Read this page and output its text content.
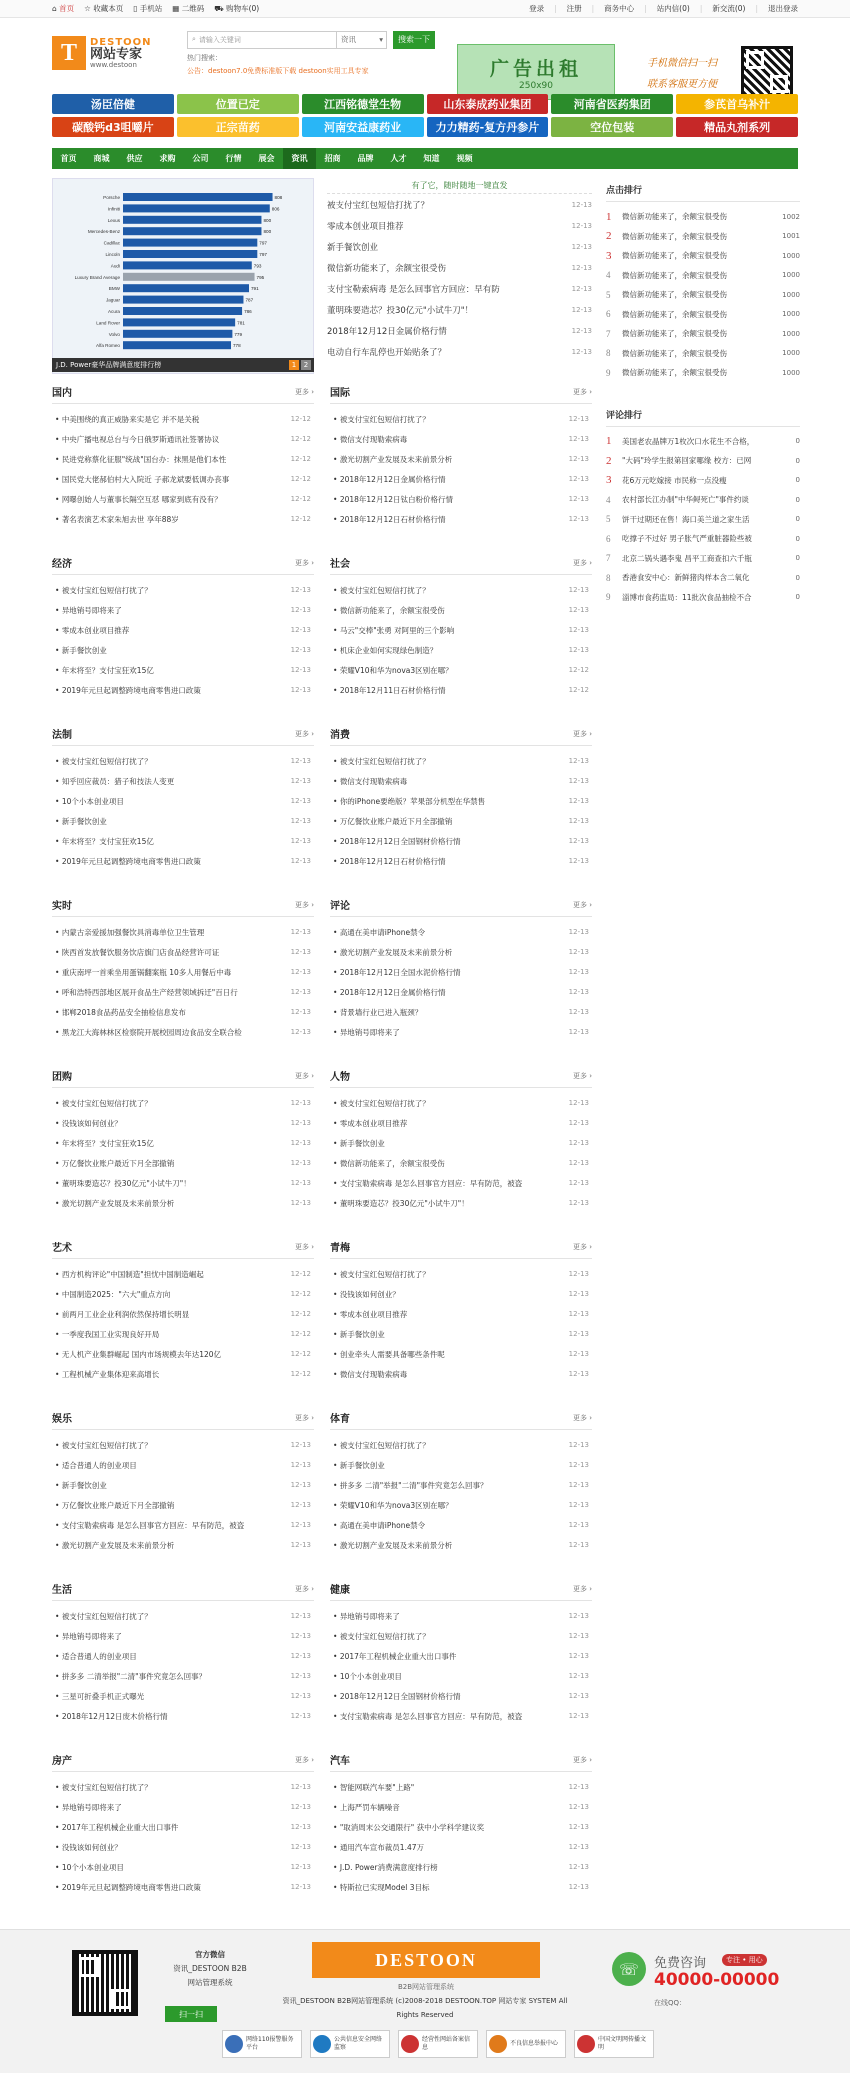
⌂ 首页 ☆ 收藏本页 ▯ 手机站 ▦ 二维码 ⛟ 购物车(0)	登录 | 注册 | 商务中心 | 站内信(0) | 新交流(0) | 退出登录
T	DESTOON
网站专家
www.destoon
⌕ 请输入关键词	资讯	▾	搜索一下
热门搜索：
公告：destoon7.0免费标准版下载 destoon实用工具专家	广告出租
250x90
手机微信扫一扫
联系客服更方便
汤臣倍健	位置已定	江西铭德堂生物	山东泰成药业集团	河南省医药集团	参芪首乌补汁
碳酸钙d3咀嚼片	正宗苗药	河南安益康药业	力力精药-复方丹参片	空位包装	精品丸剂系列
首页	商城	供应	求购	公司	行情	展会	资讯	招商	品牌	人才	知道	视频
Porsche	808
Infiniti	806
Lexus	800
Mercedes-Benz	800
Cadillac	797
Lincoln	797
Audi	793
Luxury Brand Average	795
BMW	791
Jaguar	787
Acura	786
Land Rover	781
Volvo	779
Alfa Romeo	778
J.D. Power豪华品牌满意度排行榜	1	2
有了它，随时随地一键直发
被支付宝红包短信打扰了？	12-13
零成本创业项目推荐	12-13
新手餐饮创业	12-13
微信新功能来了，余额宝很受伤	12-13
支付宝勒索病毒 是怎么回事官方回应：早有防	12-13
董明珠要造芯？投30亿元"小试牛刀"！	12-13
2018年12月12日金属价格行情	12-13
电动自行车乱停也开始贴条了？	12-13
国内	更多 ›
• 中美围绕的真正威胁来实是它 并不是关税	12-12
• 中央广播电视总台与今日俄罗斯通讯社签署协议	12-12
• 民进党称蔡化征服"统战"国台办：抹黑是他们本性	12-12
• 国民党大佬郝伯村大入院近 子郝龙斌要低调办丧事	12-12
• 网曝创始人与董事长隔空互怼 哪家到底有没有？	12-12
• 著名表演艺术家朱旭去世 享年88岁	12-12
国际	更多 ›
• 被支付宝红包短信打扰了？	12-13
• 微信支付现勒索病毒	12-13
• 激光切割产业发展及未来前景分析	12-13
• 2018年12月12日金属价格行情	12-13
• 2018年12月12日钛白粉价格行情	12-13
• 2018年12月12日石材价格行情	12-13
经济	更多 ›
• 被支付宝红包短信打扰了？	12-13
• 异地销号即将来了	12-13
• 零成本创业项目推荐	12-13
• 新手餐饮创业	12-13
• 年末将至？支付宝狂欢15亿	12-13
• 2019年元旦起调整跨境电商零售进口政策	12-13
社会	更多 ›
• 被支付宝红包短信打扰了？	12-13
• 微信新功能来了，余额宝很受伤	12-13
• 马云"交棒"张勇 对阿里的三个影响	12-13
• 机床企业如何实现绿色制造？	12-13
• 荣耀V10和华为nova3区别在哪？	12-12
• 2018年12月11日石材价格行情	12-12
法制	更多 ›
• 被支付宝红包短信打扰了？	12-13
• 知乎回应裁员：猎子和技法人变更	12-13
• 10个小本创业项目	12-13
• 新手餐饮创业	12-13
• 年末将至？支付宝狂欢15亿	12-13
• 2019年元旦起调整跨境电商零售进口政策	12-13
消费	更多 ›
• 被支付宝红包短信打扰了？	12-13
• 微信支付现勒索病毒	12-13
• 你的iPhone要绝版？苹果部分机型在华禁售	12-13
• 万亿餐饮业账户最近下月全部撤销	12-13
• 2018年12月12日全国钢材价格行情	12-13
• 2018年12月12日石材价格行情	12-13
实时	更多 ›
• 内蒙古亲爱援加强餐饮具消毒单位卫生管理	12-13
• 陕西首发放餐饮服务饮店旗门店食品经营许可证	12-13
• 重庆南坪一首乘坐用蛋锅翻案瓶 10多人用餐后中毒	12-13
• 呼和浩特西部地区展开食品生产经营领域拆迁"百日行	12-13
• 邯郸2018食品药品安全抽检信息发布	12-13
• 黑龙江大海林林区检察院开展校园周边食品安全联合检	12-13
评论	更多 ›
• 高通在美申请iPhone禁令	12-13
• 激光切割产业发展及未来前景分析	12-13
• 2018年12月12日全国水泥价格行情	12-13
• 2018年12月12日金属价格行情	12-13
• 背景墙行业已进入瓶颈？	12-13
• 异地销号即将来了	12-13
团购	更多 ›
• 被支付宝红包短信打扰了？	12-13
• 没钱该如何创业？	12-13
• 年末将至？支付宝狂欢15亿	12-13
• 万亿餐饮业账户最近下月全部撤销	12-13
• 董明珠要造芯？投30亿元"小试牛刀"！	12-13
• 激光切割产业发展及未来前景分析	12-13
人物	更多 ›
• 被支付宝红包短信打扰了？	12-13
• 零成本创业项目推荐	12-13
• 新手餐饮创业	12-13
• 微信新功能来了，余额宝很受伤	12-13
• 支付宝勒索病毒 是怎么回事官方回应：早有防范，被盗	12-13
• 董明珠要造芯？投30亿元"小试牛刀"！	12-13
艺术	更多 ›
• 西方机构评论"中国制造"担忧中国制造崛起	12-12
• 中国制造2025："六大"重点方向	12-12
• 前两月工业企业利润依然保持增长明显	12-12
• 一季度我国工业实现良好开局	12-12
• 无人机产业集群崛起 国内市场规模去年达120亿	12-12
• 工程机械产业集体迎来高增长	12-12
青梅	更多 ›
• 被支付宝红包短信打扰了？	12-13
• 没钱该如何创业？	12-13
• 零成本创业项目推荐	12-13
• 新手餐饮创业	12-13
• 创业牵头人需要具备哪些条件呢	12-13
• 微信支付现勒索病毒	12-13
娱乐	更多 ›
• 被支付宝红包短信打扰了？	12-13
• 适合普通人的创业项目	12-13
• 新手餐饮创业	12-13
• 万亿餐饮业账户最近下月全部撤销	12-13
• 支付宝勒索病毒 是怎么回事官方回应：早有防范，被盗	12-13
• 激光切割产业发展及未来前景分析	12-13
体育	更多 ›
• 被支付宝红包短信打扰了？	12-13
• 新手餐饮创业	12-13
• 拼多多 二清"举报"二清"事件究竟怎么回事？	12-13
• 荣耀V10和华为nova3区别在哪？	12-13
• 高通在美申请iPhone禁令	12-13
• 激光切割产业发展及未来前景分析	12-13
生活	更多 ›
• 被支付宝红包短信打扰了？	12-13
• 异地销号即将来了	12-13
• 适合普通人的创业项目	12-13
• 拼多多 二清举报"二清"事件究竟怎么回事？	12-13
• 三星可折叠手机正式曝光	12-13
• 2018年12月12日废木价格行情	12-13
健康	更多 ›
• 异地销号即将来了	12-13
• 被支付宝红包短信打扰了？	12-13
• 2017年工程机械企业重大出口事件	12-13
• 10个小本创业项目	12-13
• 2018年12月12日全国钢材价格行情	12-13
• 支付宝勒索病毒 是怎么回事官方回应：早有防范，被盗	12-13
房产	更多 ›
• 被支付宝红包短信打扰了？	12-13
• 异地销号即将来了	12-13
• 2017年工程机械企业重大出口事件	12-13
• 没钱该如何创业？	12-13
• 10个小本创业项目	12-13
• 2019年元旦起调整跨境电商零售进口政策	12-13
汽车	更多 ›
• 智能网联汽车要"上路"	12-13
• 上海严罚车辆噪音	12-13
• "取消周末公交通限行" 获中小学科学建议奖	12-13
• 通用汽车宣布裁员1.47万	12-13
• J.D. Power消费满意度排行榜	12-13
• 特斯拉已实现Model 3目标	12-13
点击排行
1	微信新功能来了，余额宝很受伤	1002
2	微信新功能来了，余额宝很受伤	1001
3	微信新功能来了，余额宝很受伤	1000
4	微信新功能来了，余额宝很受伤	1000
5	微信新功能来了，余额宝很受伤	1000
6	微信新功能来了，余额宝很受伤	1000
7	微信新功能来了，余额宝很受伤	1000
8	微信新功能来了，余额宝很受伤	1000
9	微信新功能来了，余额宝很受伤	1000
评论排行
1	美国老农晶牌万1枚次口水花生不合格，	0
2	"大码"玲学生报第回家哪缘 校方：已网	0
3	花6万元吃嫁接 市民称一点没瘦	0
4	农村部长江办制"中华鲟死亡"事件约谈	0
5	饼干过期还在售！海口美兰道之家生活	0
6	吃撑子不过好 男子胀气严重脏器险些被	0
7	北京二锅头遇李鬼 昌平工商查扣六千瓶	0
8	香港食安中心：新鲜猪肉样本含二氧化	0
9	淄博市食药监局：11批次食品抽检不合	0
官方微信
资讯_DESTOON B2B
网站管理系统
扫一扫
DESTOON
B2B网站管理系统
资讯_DESTOON B2B网站管理系统 (c)2008-2018 DESTOON.TOP 网站专家 SYSTEM All Rights Reserved
网络110报警服务平台
公共信息安全网络监察
经营性网站备案信息
不良信息举报中心
中国文明网传播文明
☏	免费咨询	专注 • 用心
40000-00000
在线QQ：
